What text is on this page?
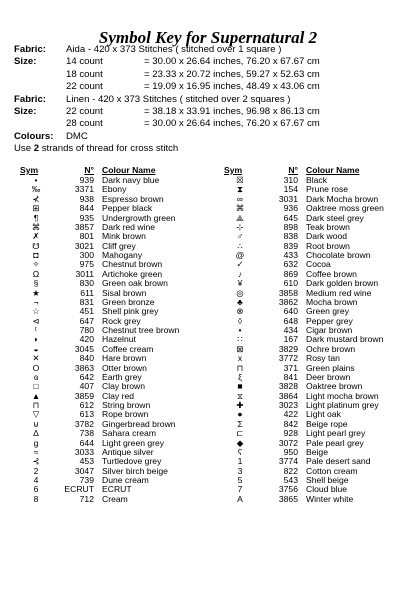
Symbol Key for Supernatural 2
Fabric:	Aida - 420 x 373 Stitches ( stitched over 1 square )
Size:	14 count	= 30.00 x 26.64 inches, 76.20 x 67.67 cm
18 count	= 23.33 x 20.72 inches, 59.27 x 52.63 cm
22 count	= 19.09 x 16.95 inches, 48.49 x 43.06 cm
Fabric:	Linen - 420 x 373 Stitches ( stitched over 2 squares )
Size:	22 count	= 38.18 x 33.91 inches, 96.98 x 86.13 cm
28 count	= 30.00 x 26.64 inches, 76.20 x 67.67 cm
Colours:	DMC
Use
2
strands of thread for cross stitch
Sym	N° Colour Name
•	939 Dark navy blue
‰	3371 Ebony
⊀	938 Espresso brown
⊞	844 Pepper black
¶	935 Undergrowth green
⌘	3857 Dark red wine
✗	801 Mink brown
☋	3021 Cliff grey
◘	300 Mahogany
✧	975 Chestnut brown
Ω	3011 Artichoke green
§	830 Green oak brown
★	611 Sisal brown
¬	831 Green bronze
☆	451 Shell pink grey
⊲	647 Rock grey
ᵗ	780 Chestnut tree brown
◗	420 Hazelnut
◒	3045 Coffee cream
✕	840 Hare brown
Ο	3863 Otter brown
ɞ	642 Earth grey
□	407 Clay brown
▲	3859 Clay red
⊓	612 String brown
▽	613 Rope brown
⊍	3782 Gingerbread brown
∆	738 Sahara cream
g	644 Light green grey
≈	3033 Antique silver
⊰	453 Turtledove grey
2	3047 Silver birch beige
4	739 Dune cream
6	ECRUT ECRUT
8	712 Cream
Sym	N° Colour Name
☒	310 Black
⧗	154 Prune rose
∞	3031 Dark Mocha brown
⌘	936 Oaktree moss green
⟁	645 Dark steel grey
⊹	898 Teak brown
♂	838 Dark wood
∴	839 Root brown
@	433 Chocolate brown
✓	632 Cocoa
♪	869 Coffee brown
¥	610 Dark golden brown
◎	3858 Medium red wine
♣	3862 Mocha brown
⊗	640 Green grey
◊	648 Pepper grey
•	434 Cigar brown
∷	167 Dark mustard brown
⊠	3829 Ochre brown
x	3772 Rosy tan
⊓	371 Green plains
ξ	841 Deer brown
■	3828 Oaktree brown
⧖	3864 Light mocha brown
✚	3023 Light platinum grey
●	422 Light oak
Σ	842 Beige rope
⊏	928 Light pearl grey
◆	3072 Pale pearl grey
ʕ	950 Beige
1	3774 Pale desert sand
3	822 Cotton cream
5	543 Shell beige
7	3756 Cloud blue
A	3865 Winter white
